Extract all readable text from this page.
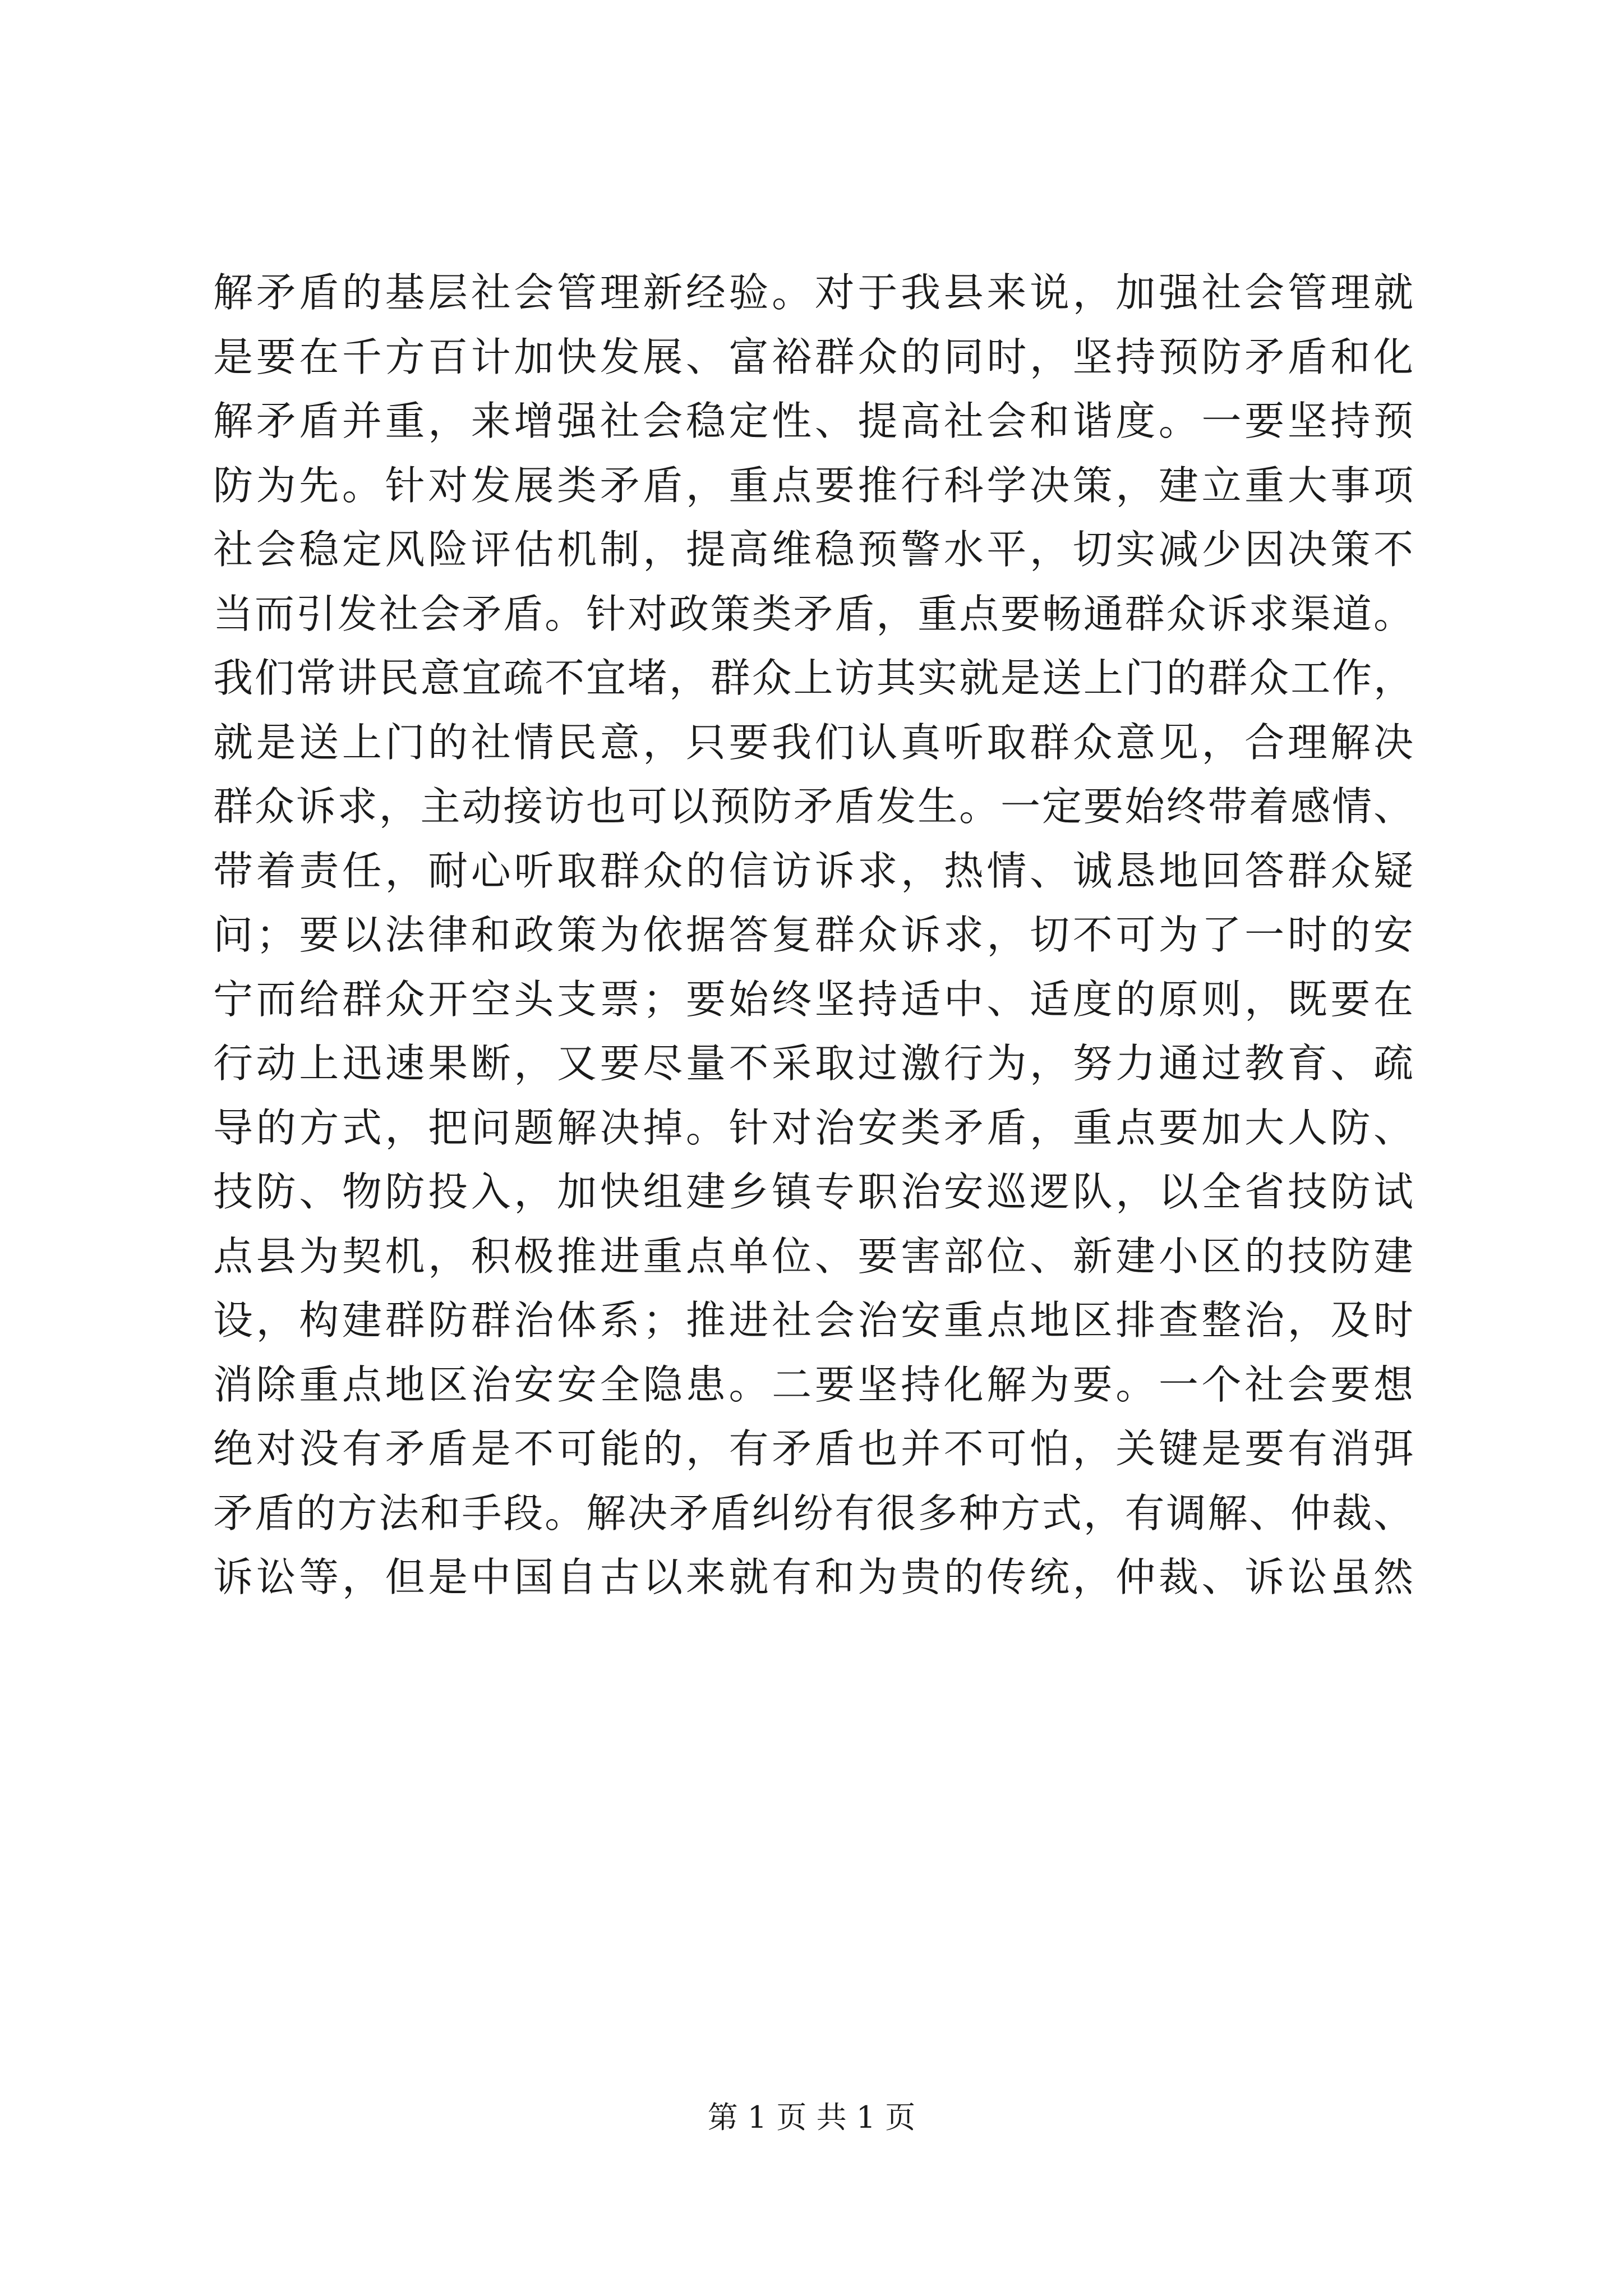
解矛盾的基层社会管理新经验。对于我县来说，加强社会管理就
是要在千方百计加快发展、富裕群众的同时，坚持预防矛盾和化
解矛盾并重，来增强社会稳定性、提高社会和谐度。一要坚持预
防为先。针对发展类矛盾，重点要推行科学决策，建立重大事项
社会稳定风险评估机制，提高维稳预警水平，切实减少因决策不
当而引发社会矛盾。针对政策类矛盾，重点要畅通群众诉求渠道。
我们常讲民意宜疏不宜堵，群众上访其实就是送上门的群众工作，
就是送上门的社情民意，只要我们认真听取群众意见，合理解决
群众诉求，主动接访也可以预防矛盾发生。一定要始终带着感情、
带着责任，耐心听取群众的信访诉求，热情、诚恳地回答群众疑
问；要以法律和政策为依据答复群众诉求，切不可为了一时的安
宁而给群众开空头支票；要始终坚持适中、适度的原则，既要在
行动上迅速果断，又要尽量不采取过激行为，努力通过教育、疏
导的方式，把问题解决掉。针对治安类矛盾，重点要加大人防、
技防、物防投入，加快组建乡镇专职治安巡逻队，以全省技防试
点县为契机，积极推进重点单位、要害部位、新建小区的技防建
设，构建群防群治体系；推进社会治安重点地区排查整治，及时
消除重点地区治安安全隐患。二要坚持化解为要。一个社会要想
绝对没有矛盾是不可能的，有矛盾也并不可怕，关键是要有消弭
矛盾的方法和手段。解决矛盾纠纷有很多种方式，有调解、仲裁、
诉讼等，但是中国自古以来就有和为贵的传统，仲裁、诉讼虽然
第 1 页 共 1 页
